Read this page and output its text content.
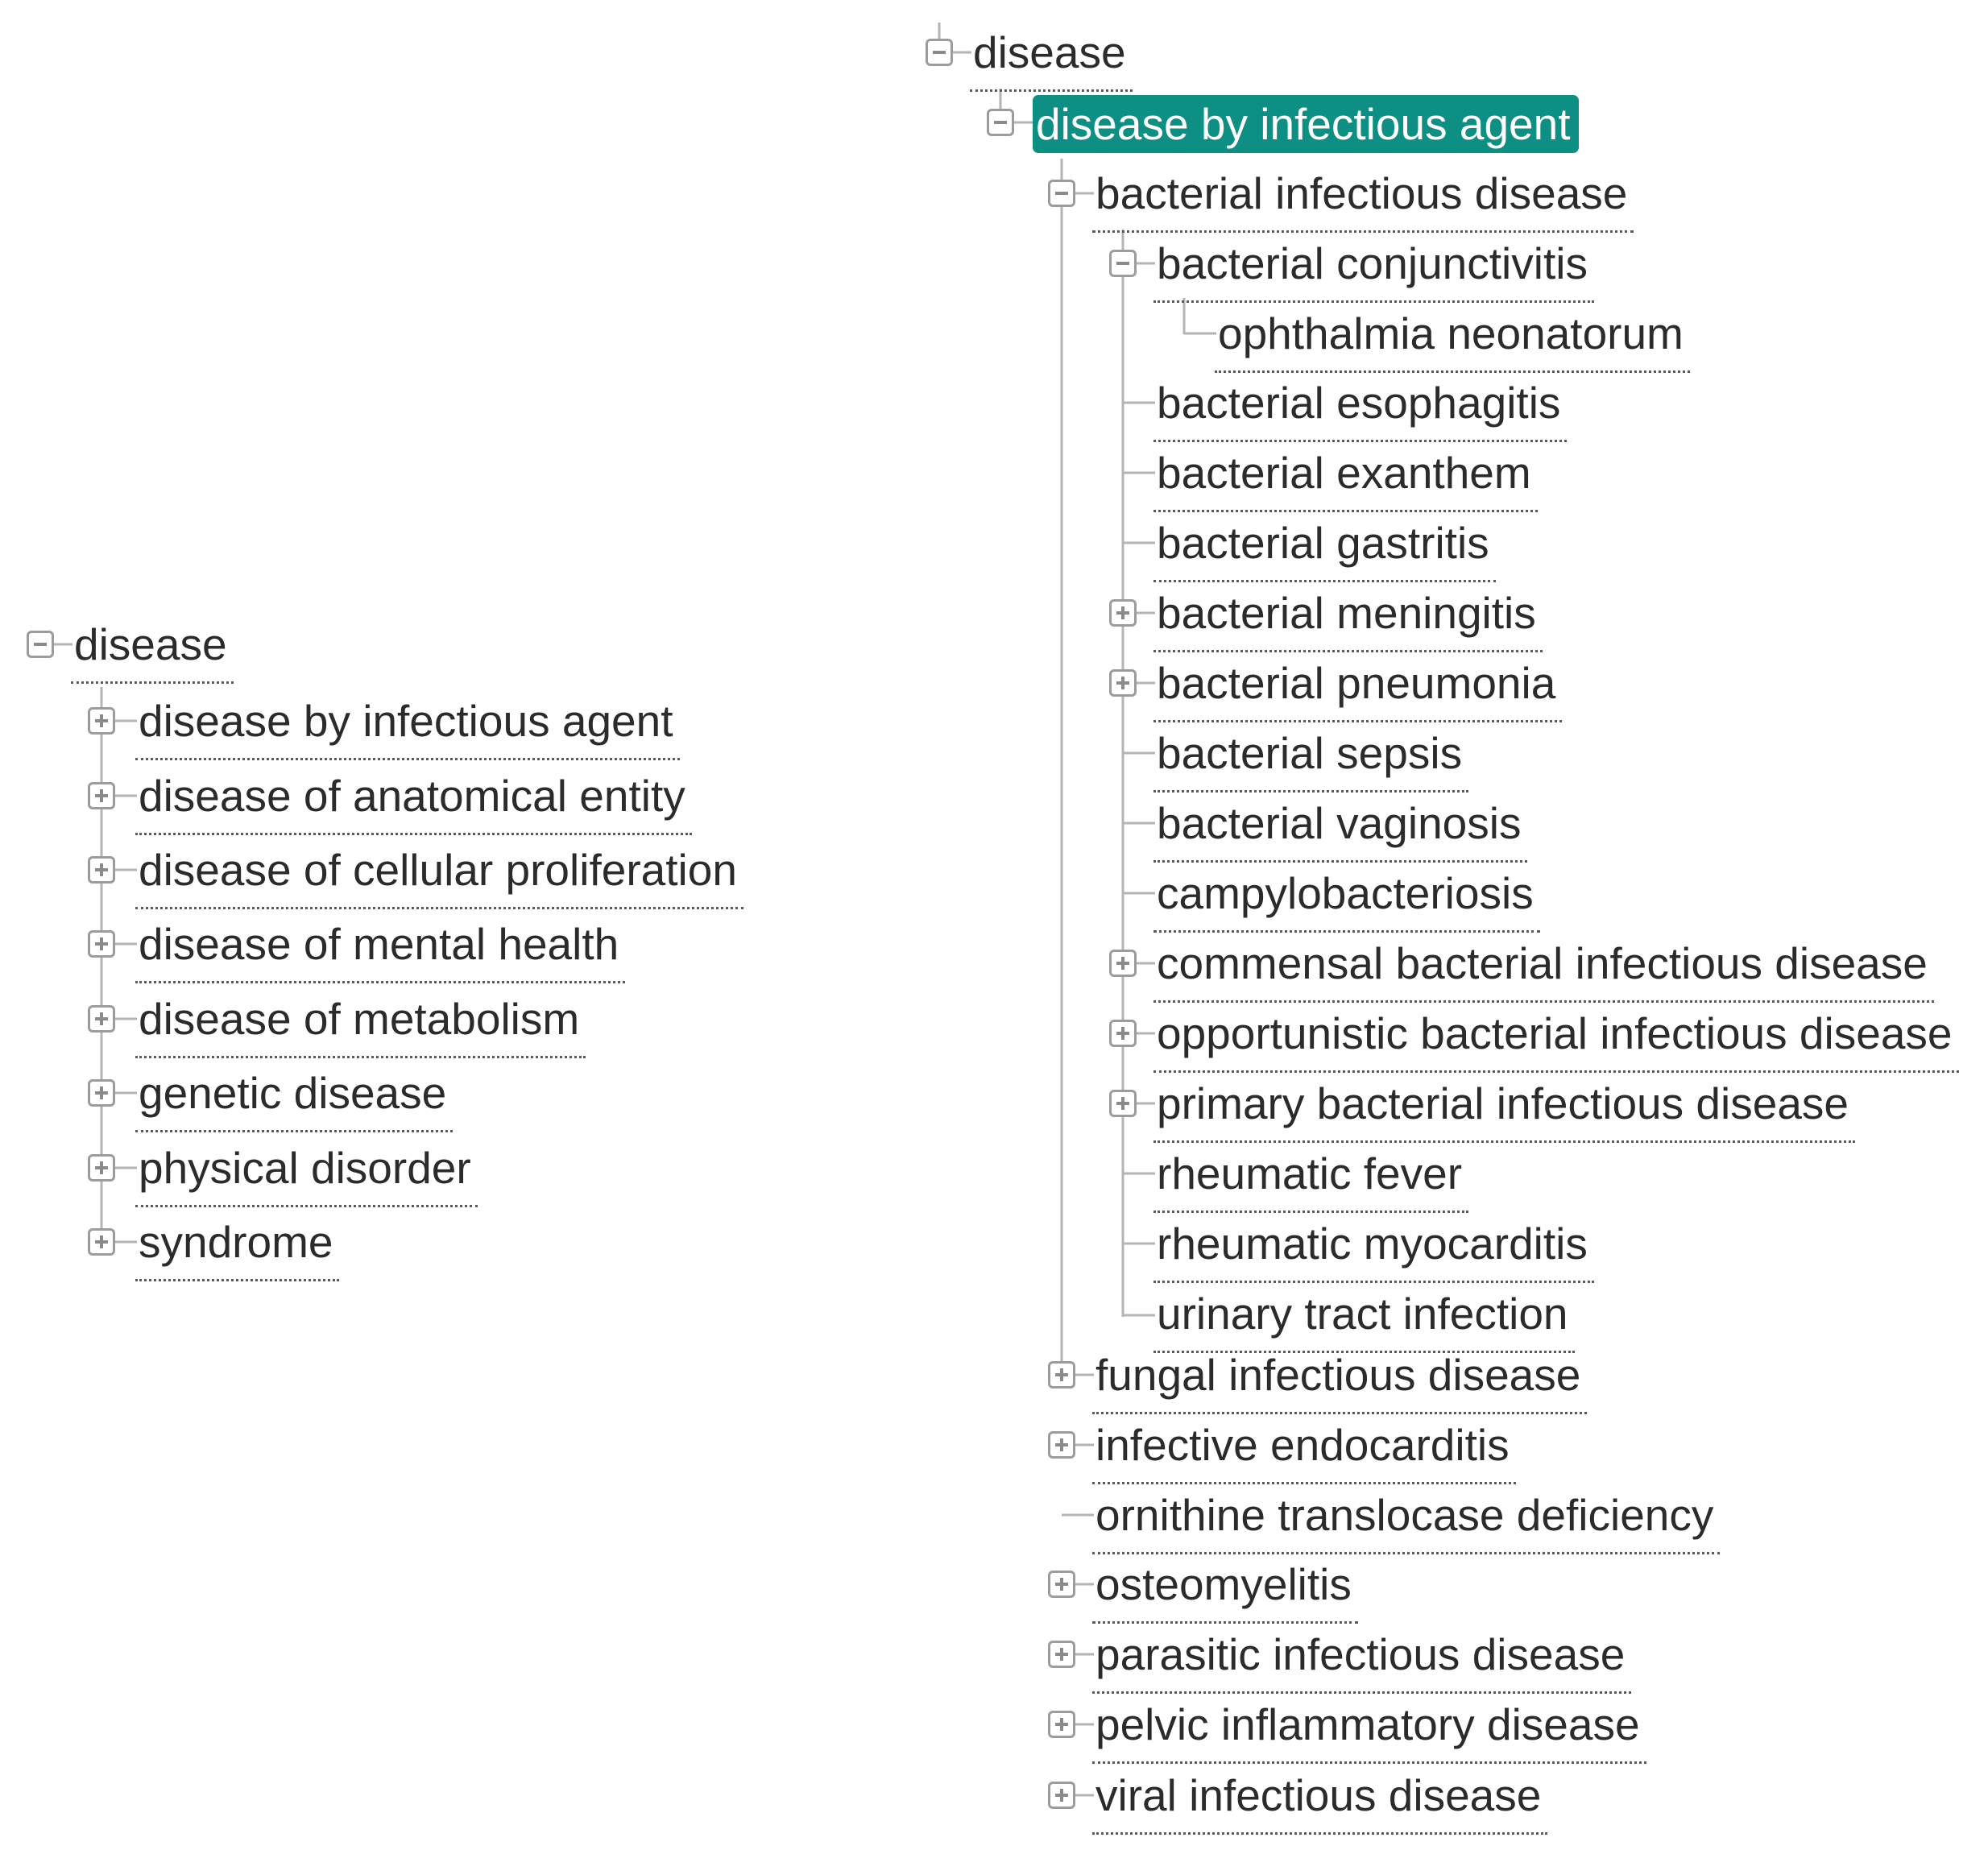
disease
disease by infectious agent
disease of anatomical entity
disease of cellular proliferation
disease of mental health
disease of metabolism
genetic disease
physical disorder
syndrome
disease
disease by infectious agent
bacterial infectious disease
bacterial conjunctivitis
ophthalmia neonatorum
bacterial esophagitis
bacterial exanthem
bacterial gastritis
bacterial meningitis
bacterial pneumonia
bacterial sepsis
bacterial vaginosis
campylobacteriosis
commensal bacterial infectious disease
opportunistic bacterial infectious disease
primary bacterial infectious disease
rheumatic fever
rheumatic myocarditis
urinary tract infection
fungal infectious disease
infective endocarditis
ornithine translocase deficiency
osteomyelitis
parasitic infectious disease
pelvic inflammatory disease
viral infectious disease
